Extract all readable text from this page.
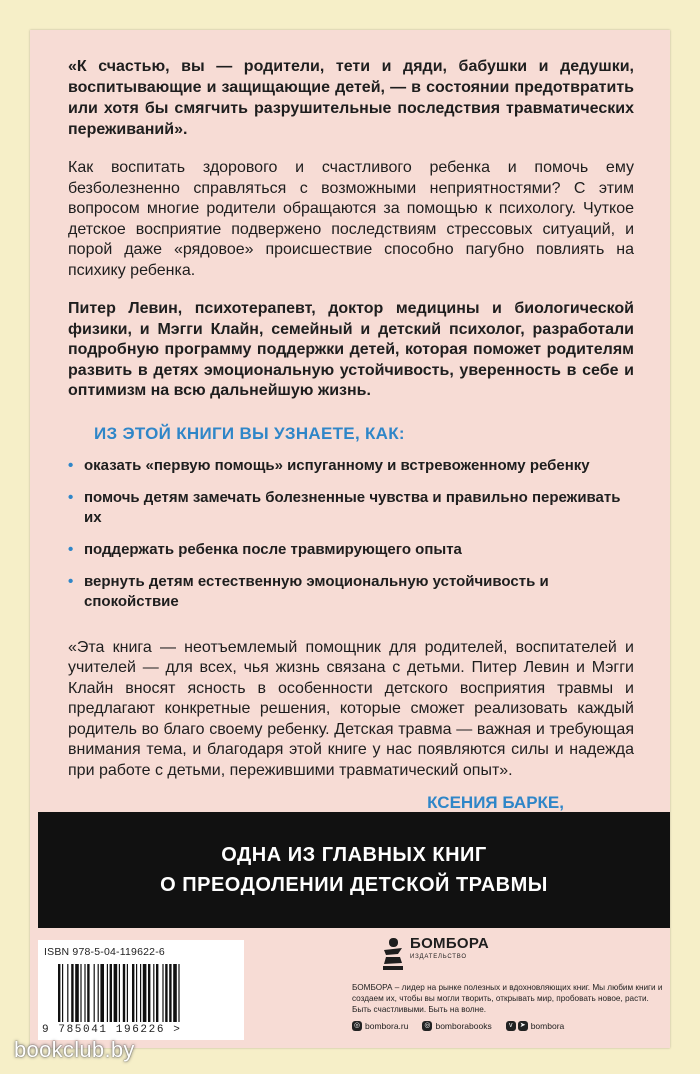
«К счастью, вы — родители, тети и дяди, бабушки и дедушки, воспитывающие и защищающие детей, — в состоянии предотвратить или хотя бы смягчить разрушительные последствия травматических переживаний».

Как воспитать здорового и счастливого ребенка и помочь ему безболезненно справляться с возможными неприятностями? С этим вопросом многие родители обращаются за помощью к психологу. Чуткое детское восприятие подвержено последствиям стрессовых ситуаций, и порой даже «рядовое» происшествие способно пагубно повлиять на психику ребенка.

Питер Левин, психотерапевт, доктор медицины и биологической физики, и Мэгги Клайн, семейный и детский психолог, разработали подробную программу поддержки детей, которая поможет родителям развить в детях эмоциональную устойчивость, уверенность в себе и оптимизм на всю дальнейшую жизнь.

ИЗ ЭТОЙ КНИГИ ВЫ УЗНАЕТЕ, КАК:
• оказать «первую помощь» испуганному и встревоженному ребенку
• помочь детям замечать болезненные чувства и правильно переживать их
• поддержать ребенка после травмирующего опыта
• вернуть детям естественную эмоциональную устойчивость и спокойствие

«Эта книга — неотъемлемый помощник для родителей, воспитателей и учителей — для всех, чья жизнь связана с детьми. Питер Левин и Мэгги Клайн вносят ясность в особенности детского восприятия травмы и предлагают конкретные решения, которые сможет реализовать каждый родитель во благо своему ребенку. Детская травма — важная и требующая внимания тема, и благодаря этой книге у нас появляются силы и надежда при работе с детьми, пережившими травматический опыт».

КСЕНИЯ БАРКЕ,
ОДНА ИЗ ГЛАВНЫХ КНИГ
О ПРЕОДОЛЕНИИ ДЕТСКОЙ ТРАВМЫ
ISBN 978-5-04-119622-6
9 785041 196226 >
БОМБОРА
ИЗДАТЕЛЬСТВО
БОМБОРА – лидер на рынке полезных и вдохновляющих книг. Мы любим книги и создаем их, чтобы вы могли творить, открывать мир, пробовать новое, расти. Быть счастливыми. Быть на волне.
◎ bombora.ru ◎ bomborabooks	v	➤ bombora
bookclub.by
